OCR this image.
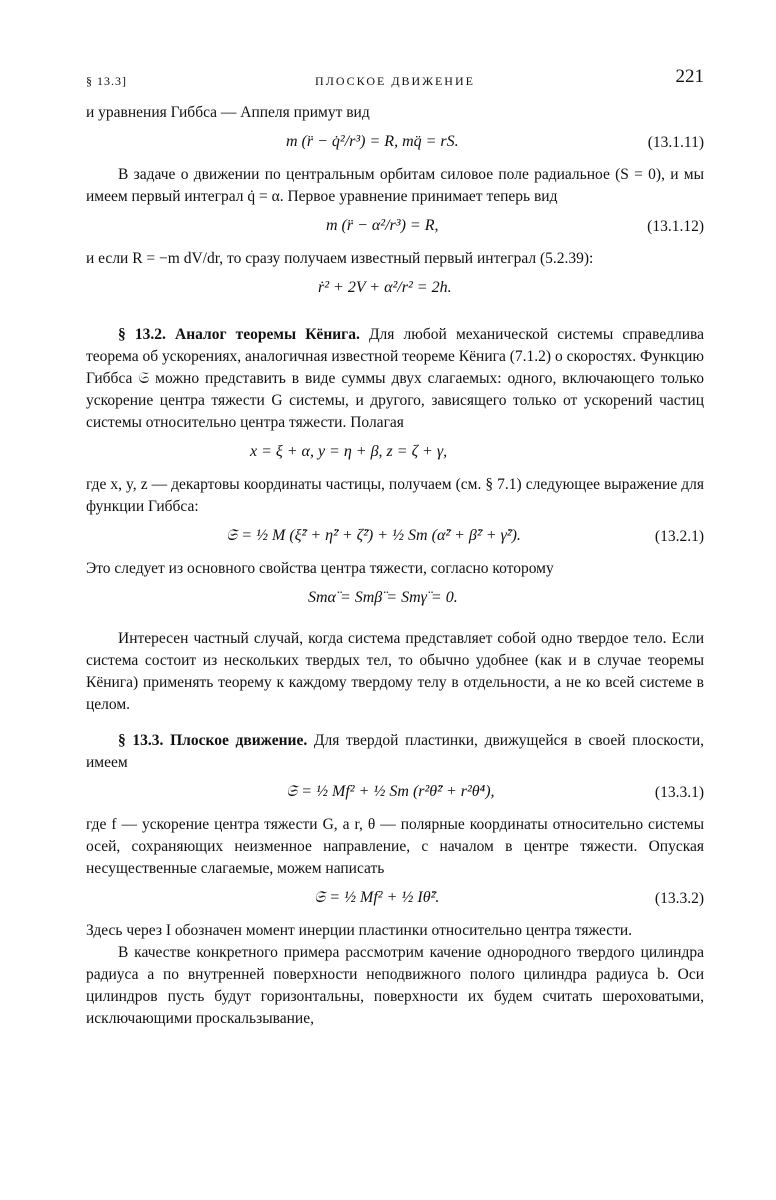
§ 13.3]	ПЛОСКОЕ ДВИЖЕНИЕ	221

и уравнения Гиббса — Аппеля примут вид

m (r̈ − q̇²/r³) = R, mq̈ = rS.	(13.1.11)

В задаче о движении по центральным орбитам силовое поле радиальное (S = 0), и мы имеем первый интеграл q̇ = α. Первое уравнение принимает теперь вид

m (r̈ − α²/r³) = R,	(13.1.12)

и если R = −m dV/dr, то сразу получаем известный первый интеграл (5.2.39):

ṙ² + 2V + α²/r² = 2h.

§ 13.2. Аналог теоремы Кёнига. Для любой механической системы справедлива теорема об ускорениях, аналогичная известной теореме Кёнига (7.1.2) о скоростях. Функцию Гиббса 𝔖 можно представить в виде суммы двух слагаемых: одного, включающего только ускорение центра тяжести G системы, и другого, зависящего только от ускорений частиц системы относительно центра тяжести. Полагая

x = ξ + α, y = η + β, z = ζ + γ,

где x, y, z — декартовы координаты частицы, получаем (см. § 7.1) следующее выражение для функции Гиббса:

𝔖 = ½ M (ξ̈² + η̈² + ζ̈²) + ½ Sm (α̈² + β̈² + γ̈²).	(13.2.1)

Это следует из основного свойства центра тяжести, согласно которому

Smα̈ = Smβ̈ = Smγ̈ = 0.

Интересен частный случай, когда система представляет собой одно твердое тело. Если система состоит из нескольких твердых тел, то обычно удобнее (как и в случае теоремы Кёнига) применять теорему к каждому твердому телу в отдельности, а не ко всей системе в целом.

§ 13.3. Плоское движение. Для твердой пластинки, движущейся в своей плоскости, имеем

𝔖 = ½ Mf² + ½ Sm (r²θ̈² + r²θ̇⁴),	(13.3.1)

где f — ускорение центра тяжести G, а r, θ — полярные координаты относительно системы осей, сохраняющих неизменное направление, с началом в центре тяжести. Опуская несущественные слагаемые, можем написать

𝔖 = ½ Mf² + ½ Iθ̈².	(13.3.2)

Здесь через I обозначен момент инерции пластинки относительно центра тяжести.

В качестве конкретного примера рассмотрим качение однородного твердого цилиндра радиуса a по внутренней поверхности неподвижного полого цилиндра радиуса b. Оси цилиндров пусть будут горизонтальны, поверхности их будем считать шероховатыми, исключающими проскальзывание,
